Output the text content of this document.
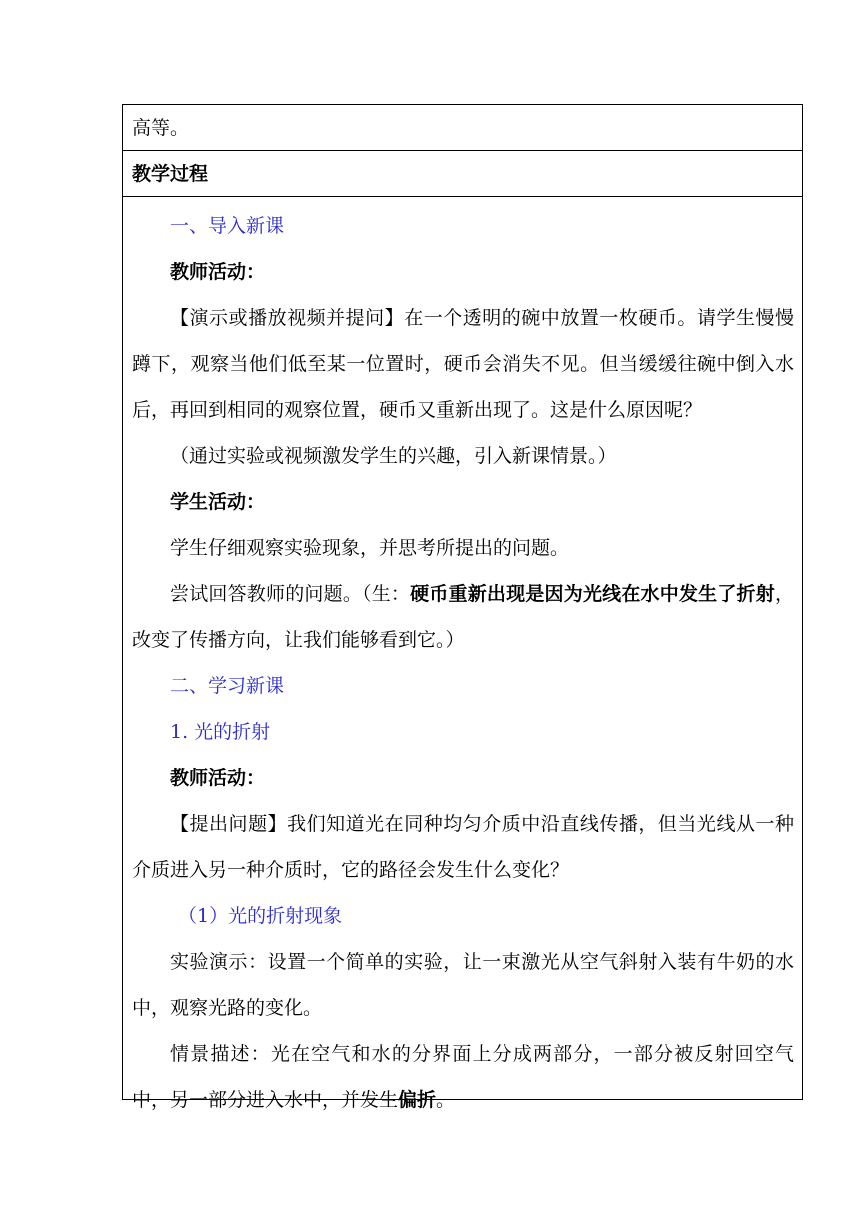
高等。
教学过程

一、导入新课

教师活动：

【演示或播放视频并提问】在一个透明的碗中放置一枚硬币。请学生慢慢蹲下，观察当他们低至某一位置时，硬币会消失不见。但当缓缓往碗中倒入水后，再回到相同的观察位置，硬币又重新出现了。这是什么原因呢？

（通过实验或视频激发学生的兴趣，引入新课情景。）

学生活动：

学生仔细观察实验现象，并思考所提出的问题。

尝试回答教师的问题。（生：硬币重新出现是因为光线在水中发生了折射，改变了传播方向，让我们能够看到它。）

二、学习新课

1. 光的折射

教师活动：

【提出问题】我们知道光在同种均匀介质中沿直线传播，但当光线从一种介质进入另一种介质时，它的路径会发生什么变化？

（1）光的折射现象

实验演示：设置一个简单的实验，让一束激光从空气斜射入装有牛奶的水中，观察光路的变化。

情景描述：光在空气和水的分界面上分成两部分，一部分被反射回空气中，另一部分进入水中，并发生偏折。
